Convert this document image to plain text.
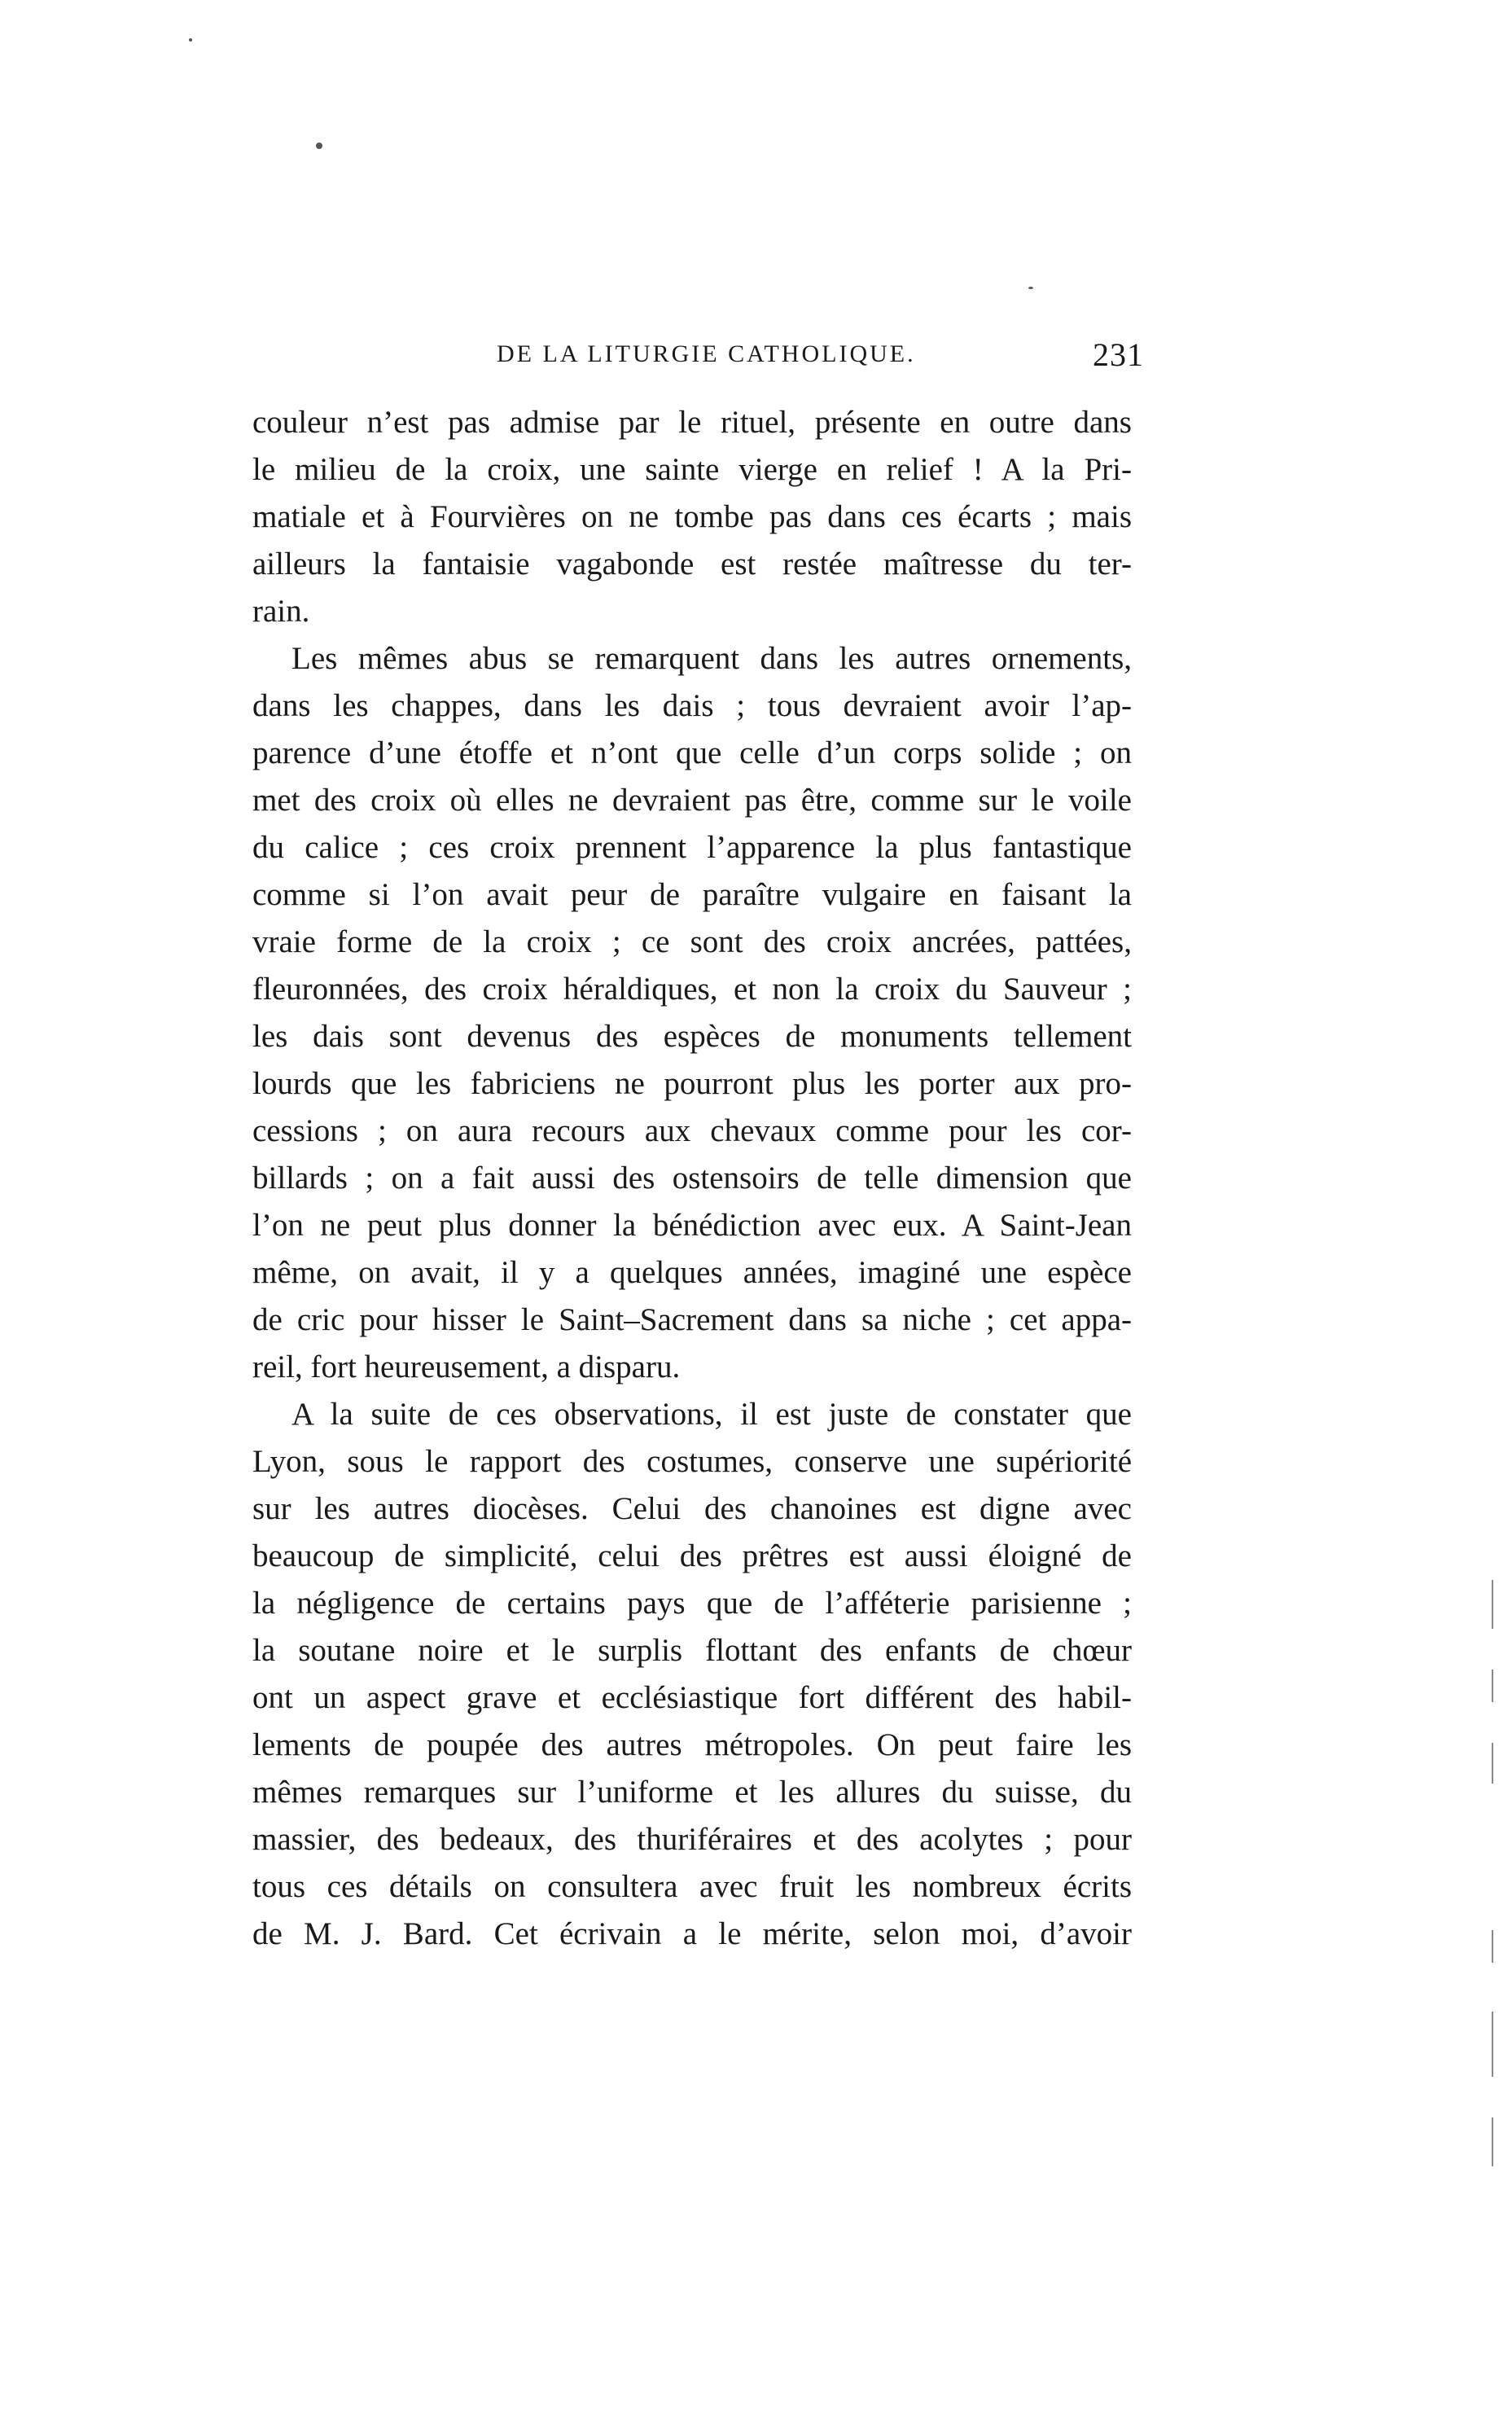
DE LA LITURGIE CATHOLIQUE.	231
couleur n’est pas admise par le rituel, présente en outre dans
le milieu de la croix, une sainte vierge en relief ! A la Pri-
matiale et à Fourvières on ne tombe pas dans ces écarts ; mais
ailleurs la fantaisie vagabonde est restée maîtresse du ter-
rain.
Les mêmes abus se remarquent dans les autres ornements,
dans les chappes, dans les dais ; tous devraient avoir l’ap-
parence d’une étoffe et n’ont que celle d’un corps solide ; on
met des croix où elles ne devraient pas être, comme sur le voile
du calice ; ces croix prennent l’apparence la plus fantastique
comme si l’on avait peur de paraître vulgaire en faisant la
vraie forme de la croix ; ce sont des croix ancrées, pattées,
fleuronnées, des croix héraldiques, et non la croix du Sauveur ;
les dais sont devenus des espèces de monuments tellement
lourds que les fabriciens ne pourront plus les porter aux pro-
cessions ; on aura recours aux chevaux comme pour les cor-
billards ; on a fait aussi des ostensoirs de telle dimension que
l’on ne peut plus donner la bénédiction avec eux. A Saint-Jean
même, on avait, il y a quelques années, imaginé une espèce
de cric pour hisser le Saint–Sacrement dans sa niche ; cet appa-
reil, fort heureusement, a disparu.
A la suite de ces observations, il est juste de constater que
Lyon, sous le rapport des costumes, conserve une supériorité
sur les autres diocèses. Celui des chanoines est digne avec
beaucoup de simplicité, celui des prêtres est aussi éloigné de
la négligence de certains pays que de l’afféterie parisienne ;
la soutane noire et le surplis flottant des enfants de chœur
ont un aspect grave et ecclésiastique fort différent des habil-
lements de poupée des autres métropoles. On peut faire les
mêmes remarques sur l’uniforme et les allures du suisse, du
massier, des bedeaux, des thuriféraires et des acolytes ; pour
tous ces détails on consultera avec fruit les nombreux écrits
de M. J. Bard. Cet écrivain a le mérite, selon moi, d’avoir
